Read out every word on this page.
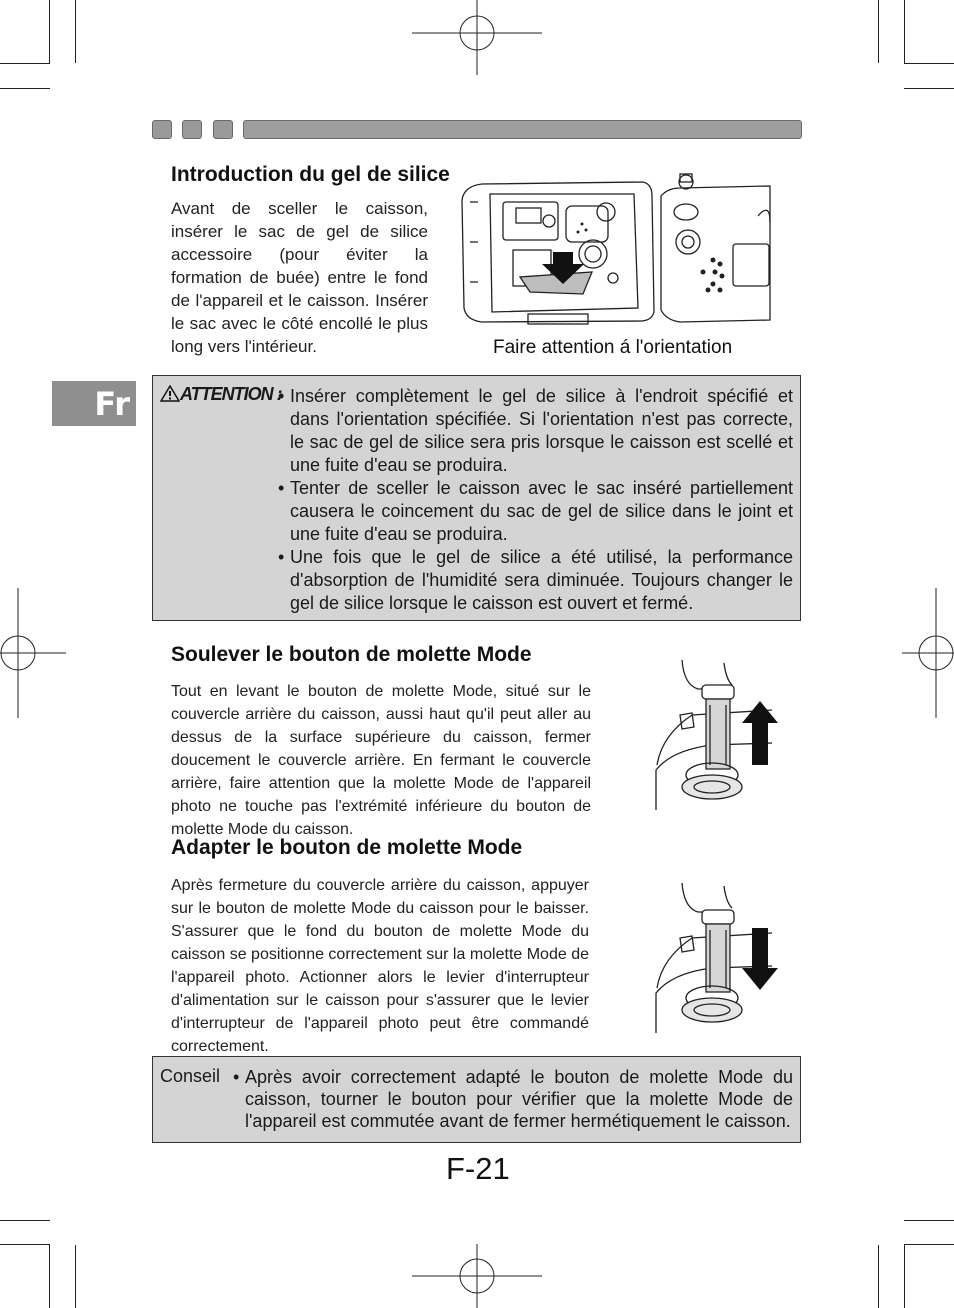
Fr
Introduction du gel de silice

Avant de sceller le caisson, insérer le sac de gel de silice accessoire (pour éviter la formation de buée) entre le fond de l'appareil et le caisson. Insérer le sac avec le côté encollé le plus long vers l'intérieur.	Faire attention á l'orientation
ATTENTION : • Insérer complètement le gel de silice à l'endroit spécifié et dans l'orientation spécifiée. Si l'orientation n'est pas correcte, le sac de gel de silice sera pris lorsque le caisson est scellé et une fuite d'eau se produira.
• Tenter de sceller le caisson avec le sac inséré partiellement causera le coincement du sac de gel de silice dans le joint et une fuite d'eau se produira.
• Une fois que le gel de silice a été utilisé, la performance d'absorption de l'humidité sera diminuée. Toujours changer le gel de silice lorsque le caisson est ouvert et fermé.
Soulever le bouton de molette Mode

Tout en levant le bouton de molette Mode, situé sur le couvercle arrière du caisson, aussi haut qu'il peut aller au dessus de la surface supérieure du caisson, fermer doucement le couvercle arrière. En fermant le couvercle arrière, faire attention que la molette Mode de l'appareil photo ne touche pas l'extrémité inférieure du bouton de molette Mode du caisson.

Adapter le bouton de molette Mode

Après fermeture du couvercle arrière du caisson, appuyer sur le bouton de molette Mode du caisson pour le baisser. S'assurer que le fond du bouton de molette Mode du caisson se positionne correctement sur la molette Mode de l'appareil photo. Actionner alors le levier d'interrupteur d'alimentation sur le caisson pour s'assurer que le levier d'interrupteur de l'appareil photo peut être commandé correctement.

Conseil	• Après avoir correctement adapté le bouton de molette Mode du caisson, tourner le bouton pour vérifier que la molette Mode de l'appareil est commutée avant de fermer hermétiquement le caisson.
F-21
